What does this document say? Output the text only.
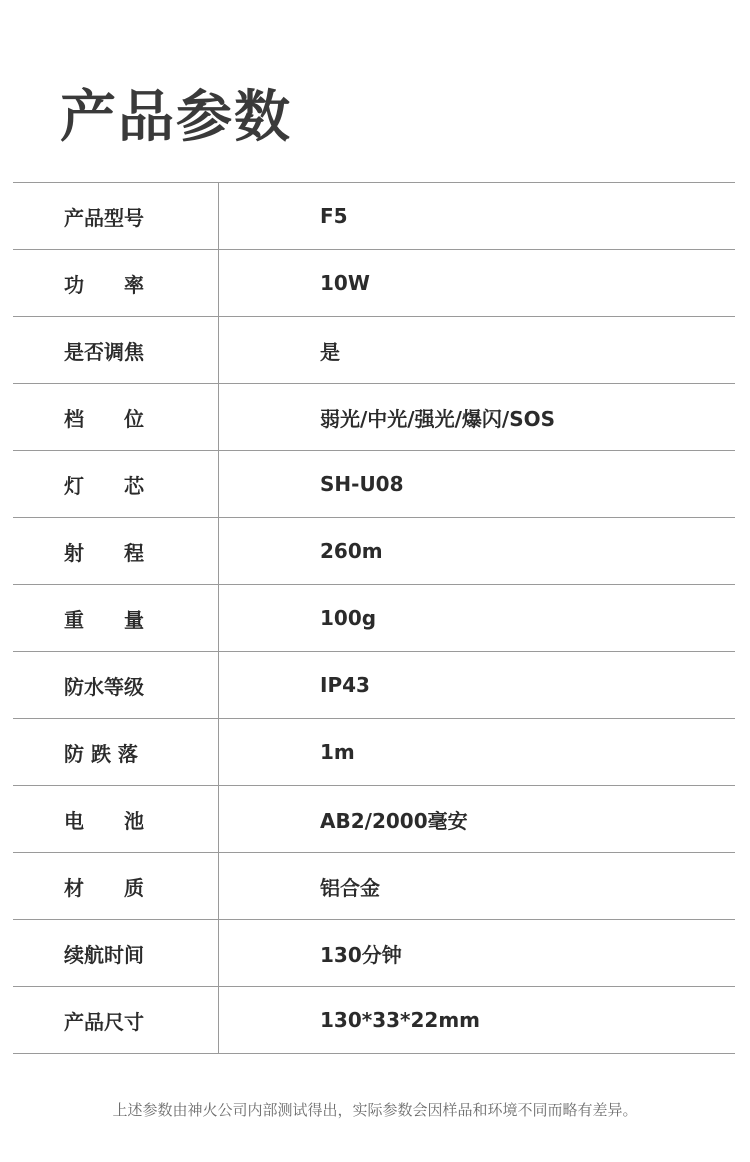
产品参数
产品型号	F5
功　　率	10W
是否调焦	是
档　　位	弱光/中光/强光/爆闪/SOS
灯　　芯	SH-U08
射　　程	260m
重　　量	100g
防水等级	IP43
防 跌 落	1m
电　　池	AB2/2000毫安
材　　质	铝合金
续航时间	130分钟
产品尺寸	130*33*22mm

上述参数由神火公司内部测试得出，实际参数会因样品和环境不同而略有差异。
